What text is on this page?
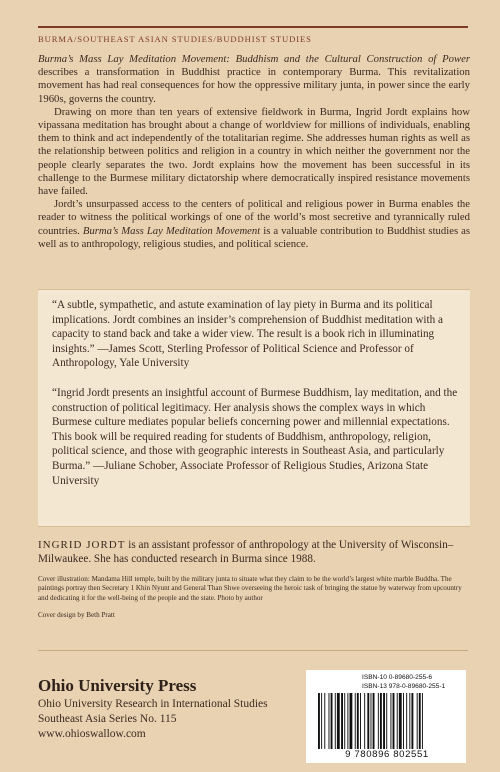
BURMA/SOUTHEAST ASIAN STUDIES/BUDDHIST STUDIES

Burma’s Mass Lay Meditation Movement: Buddhism and the Cultural Construction of Power describes a transformation in Buddhist practice in contemporary Burma. This revitalization movement has had real consequences for how the oppressive military junta, in power since the early 1960s, governs the country.

Drawing on more than ten years of extensive fieldwork in Burma, Ingrid Jordt explains how vipassana meditation has brought about a change of worldview for millions of individuals, enabling them to think and act independently of the totalitarian regime. She addresses human rights as well as the relationship between politics and religion in a country in which neither the government nor the people clearly separates the two. Jordt explains how the movement has been successful in its challenge to the Burmese military dictatorship where democratically inspired resistance movements have failed.

Jordt’s unsurpassed access to the centers of political and religious power in Burma enables the reader to witness the political workings of one of the world’s most secretive and tyrannically ruled countries. Burma’s Mass Lay Meditation Movement is a valuable contribution to Buddhist studies as well as to anthropology, religious studies, and political science.

“A subtle, sympathetic, and astute examination of lay piety in Burma and its political implications. Jordt combines an insider’s comprehension of Buddhist meditation with a capacity to stand back and take a wider view. The result is a book rich in illuminating insights.” —James Scott, Sterling Professor of Political Science and Professor of Anthropology, Yale University

“Ingrid Jordt presents an insightful account of Burmese Buddhism, lay meditation, and the construction of political legitimacy. Her analysis shows the complex ways in which Burmese culture mediates popular beliefs concerning power and millennial expectations. This book will be required reading for students of Buddhism, anthropology, religion, political science, and those with geographic interests in Southeast Asia, and particularly Burma.” —Juliane Schober, Associate Professor of Religious Studies, Arizona State University

INGRID JORDT is an assistant professor of anthropology at the University of Wisconsin–Milwaukee. She has conducted research in Burma since 1988.

Cover illustration: Mandama Hill temple, built by the military junta to situate what they claim to be the world’s largest white marble Buddha. The paintings portray then Secretary 1 Khin Nyunt and General Than Shwe overseeing the heroic task of bringing the statue by waterway from upcountry and dedicating it for the well-being of the people and the state. Photo by author

Cover design by Beth Pratt

Ohio University Press
Ohio University Research in International Studies
Southeast Asia Series No. 115
www.ohioswallow.com
ISBN-10 0-89680-255-6
ISBN-13 978-0-89680-255-1
9 780896 802551
